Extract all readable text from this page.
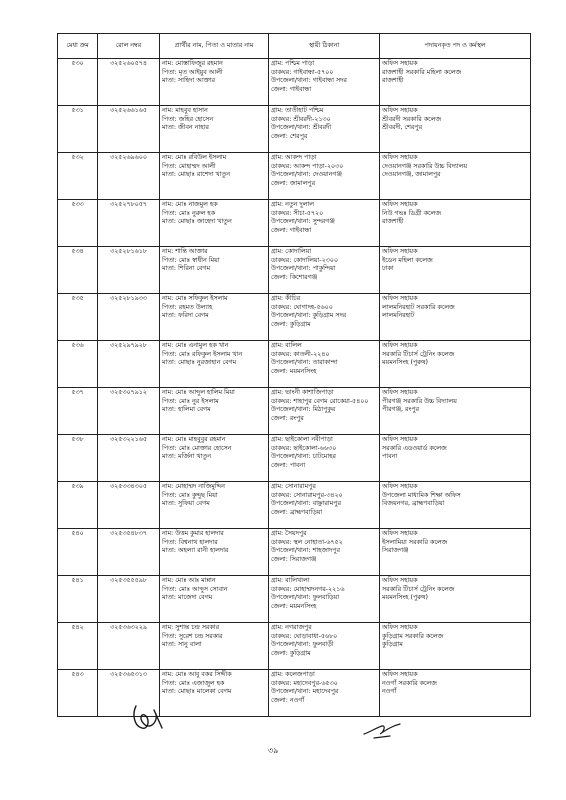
মেধা ক্রম	রোল নম্বর	প্রার্থীর নাম, পিতা ও মাতার নাম	স্থায়ী ঠিকানা	পদায়নকৃত পদ ও কর্মস্থল
৫৩০	৩২৫২৬০৫৭৪	নাম: মোস্তাফিজুর রহমান
পিতা: মৃত আইয়ুব আলী
মাতা: সাহিদা আক্তার	গ্রাম: পশ্চিম পাড়া
ডাকঘর: গাইবান্ধা-৫৭০০
উপজেলা/থানা: গাইবান্ধা সদর
জেলা: গাইবান্ধা	অফিস সহায়ক
রাজশাহী সরকারি মহিলা কলেজ
রাজশাহী

৫৩১	৩২৫২৬৬১৬৫	নাম: মাহবুব হাসান
পিতা: জহির হোসেন
মাতা: জীবন নাহার	গ্রাম: তাতীহাট পশ্চিম
ডাকঘর: শ্রীবরদী-২১৩০
উপজেলা/থানা: শ্রীবরদী
জেলা: শেরপুর	অফিস সহায়ক
শ্রীবরদী সরকারি কলেজ
শ্রীবরদী, শেরপুর

৫৩২	৩২৫২৬৯৬০০	নাম: মোঃ রবিউল ইসলাম
পিতা: মোহাম্মদ আলী
মাতা: মোছাঃ রাশেদা খাতুন	গ্রাম: আকন্দ পাড়া
ডাকঘর: আকন্দ পাড়া-২০৩০
উপজেলা/থানা: দেওয়ানগঞ্জ
জেলা: জামালপুর	অফিস সহায়ক
দেওয়ানগঞ্জ সরকারি উচ্চ বিদ্যালয়
দেওয়ানগঞ্জ, জামালপুর

৫৩৩	৩২৫২৭৮০৫৭	নাম: মোঃ নাজমুল হক
পিতা: মোঃ নুরুল হক
মাতা: মোছাঃ জাহেদা খাতুন	গ্রাম: নতুন দুলাল
ডাকঘর: সীচা-৫৭২০
উপজেলা/থানা: সুন্দরগঞ্জ
জেলা: গাইবান্ধা	অফিস সহায়ক
নিউ গভঃ ডিগ্রী কলেজ
রাজশাহী

৫৩৪	৩২৫২৮১৬১৮	নাম: শান্তি আক্তার
পিতা: মোঃ স্বাধীন মিয়া
মাতা: শিরিনা বেগম	গ্রাম: কোদালিয়া
ডাকঘর: কোদালিয়া-২৩০০
উপজেলা/থানা: পাকুন্দিয়া
জেলা: কিশোরগঞ্জ	অফিস সহায়ক
ইডেন মহিলা কলেজ
ঢাকা

৫৩৫	৩২৫২৮১৯৩৩	নাম: মোঃ সফিকুল ইসলাম
পিতা: রহমত উল্যাহ
মাতা: ফরিদা বেগম	গ্রাম: কীচির
ডাকঘর: ঘোগাদহ-৫৬০০
উপজেলা/থানা: কুড়িগ্রাম সদর
জেলা: কুড়িগ্রাম	অফিস সহায়ক
লালমনিরহাট সরকারি কলেজ
লালমনিরহাট

৫৩৬	৩২৫২৯৭৯২৮	নাম: মোঃ এনামুল হক খান
পিতা: মোঃ রফিকুল ইসলাম খান
মাতা: মোছাঃ নুরজাহান বেগম	গ্রাম: বালিল
ডাকঘর: কাতলী-২২৪০
উপজেলা/থানা: তারাকান্দা
জেলা: ময়মনসিংহ	অফিস সহায়ক
সরকারি টিচার্স ট্রেনিং কলেজ
ময়মনসিংহ (পুরুষ)

৫৩৭	৩২৫৩০৭৯১২	নাম: মোঃ আব্দুল হালিম মিয়া
পিতা: মোঃ নুর ইসলাম
মাতা: হালিমা বেগম	গ্রাম: ভাংনী কাশাজিপাড়া
ডাকঘর: শাহাপুর বেগম রোকেয়া-৫৪০০
উপজেলা/থানা: মিঠাপুকুর
জেলা: রংপুর	অফিস সহায়ক
পীরগঞ্জ সরকারি উচ্চ বিদ্যালয়
পীরগঞ্জ, রংপুর

৫৩৮	৩২৫৩২২১৬৫	নাম: মোঃ মাহবুবুর রহমান
পিতা: মোঃ মোক্তার হোসেন
মাতা: মর্জিনা খাতুন	গ্রাম: ছাইকোলা নবীপাড়া
ডাকঘর: ছাইকোলা-৬৬৩০
উপজেলা/থানা: চাটমোহর
জেলা: পাবনা	অফিস সহায়ক
সরকারি এডওয়ার্ড কলেজ
পাবনা

৫৩৯	৩২৫৩৩৪৩০৫	নাম: মোহাম্মদ নাজিমুদ্দিন
পিতা: মোঃ কুদ্দুছ মিয়া
মাতা: সুফিয়া বেগম	গ্রাম: সোনারামপুর
ডাকঘর: সোনারামপুর-৩৪২০
উপজেলা/থানা: বাঞ্ছারামপুর
জেলা: ব্রাহ্মণবাড়িয়া	অফিস সহায়ক
উপজেলা মাধ্যমিক শিক্ষা অফিস
বিজয়নগর, ব্রাহ্মণবাড়িয়া

৫৪০	৩২৫৩৫৪৮৩৭	নাম: উত্তম কুমার হালদার
পিতা: বিশ্বনাথ হালদার
মাতা: অহল্যা রানী হালদার	গ্রাম: সৈয়দপুর
ডাকঘর: স্থল নোহাতা-৬৭৫২
উপজেলা/থানা: শাহজাদপুর
জেলা: সিরাজগঞ্জ	অফিস সহায়ক
ইসলামিয়া সরকারি কলেজ
সিরাজগঞ্জ

৫৪১	৩২৫৩৫৫৫৯৮	নাম: মোঃ আঃ মান্নান
পিতা: মোঃ আব্দুস সোবান
মাতা: মাজেদা বেগম	গ্রাম: বালিখালা
ডাকঘর: মোহাম্মদনগর-২২১৬
উপজেলা/থানা: ফুলবাড়িয়া
জেলা: ময়মনসিংহ	অফিস সহায়ক
সরকারি টিচার্স ট্রেনিং কলেজ
ময়মনসিংহ (পুরুষ)

৫৪২	৩২৫৩৬৩২২৯	নাম: সুশান্ত চন্দ্র সরকার
পিতা: সুরেশ চন্দ্র সরকার
মাতা: সানু বালা	গ্রাম: নগরাজপুর
ডাকঘর: ঘোড়াবাধা-৫৬৮০
উপজেলা/থানা: ফুলবাড়ী
জেলা: কুড়িগ্রাম	অফিস সহায়ক
কুড়িগ্রাম সরকারি কলেজ
কুড়িগ্রাম

৫৪৩	৩২৫৩৬৫৩১৩	নাম: মোঃ আবু বকর সিদ্দীক
পিতা: মোঃ এজাজুল হক
মাতা: মোছাঃ মালেকা বেগম	গ্রাম: কলেজপাড়া
ডাকঘর: মহাদেবপুর-৬৫৩০
উপজেলা/থানা: মহাদেবপুর
জেলা: নওগাঁ	অফিস সহায়ক
নওগাঁ সরকারি কলেজ
নওগাঁ
৩৯
